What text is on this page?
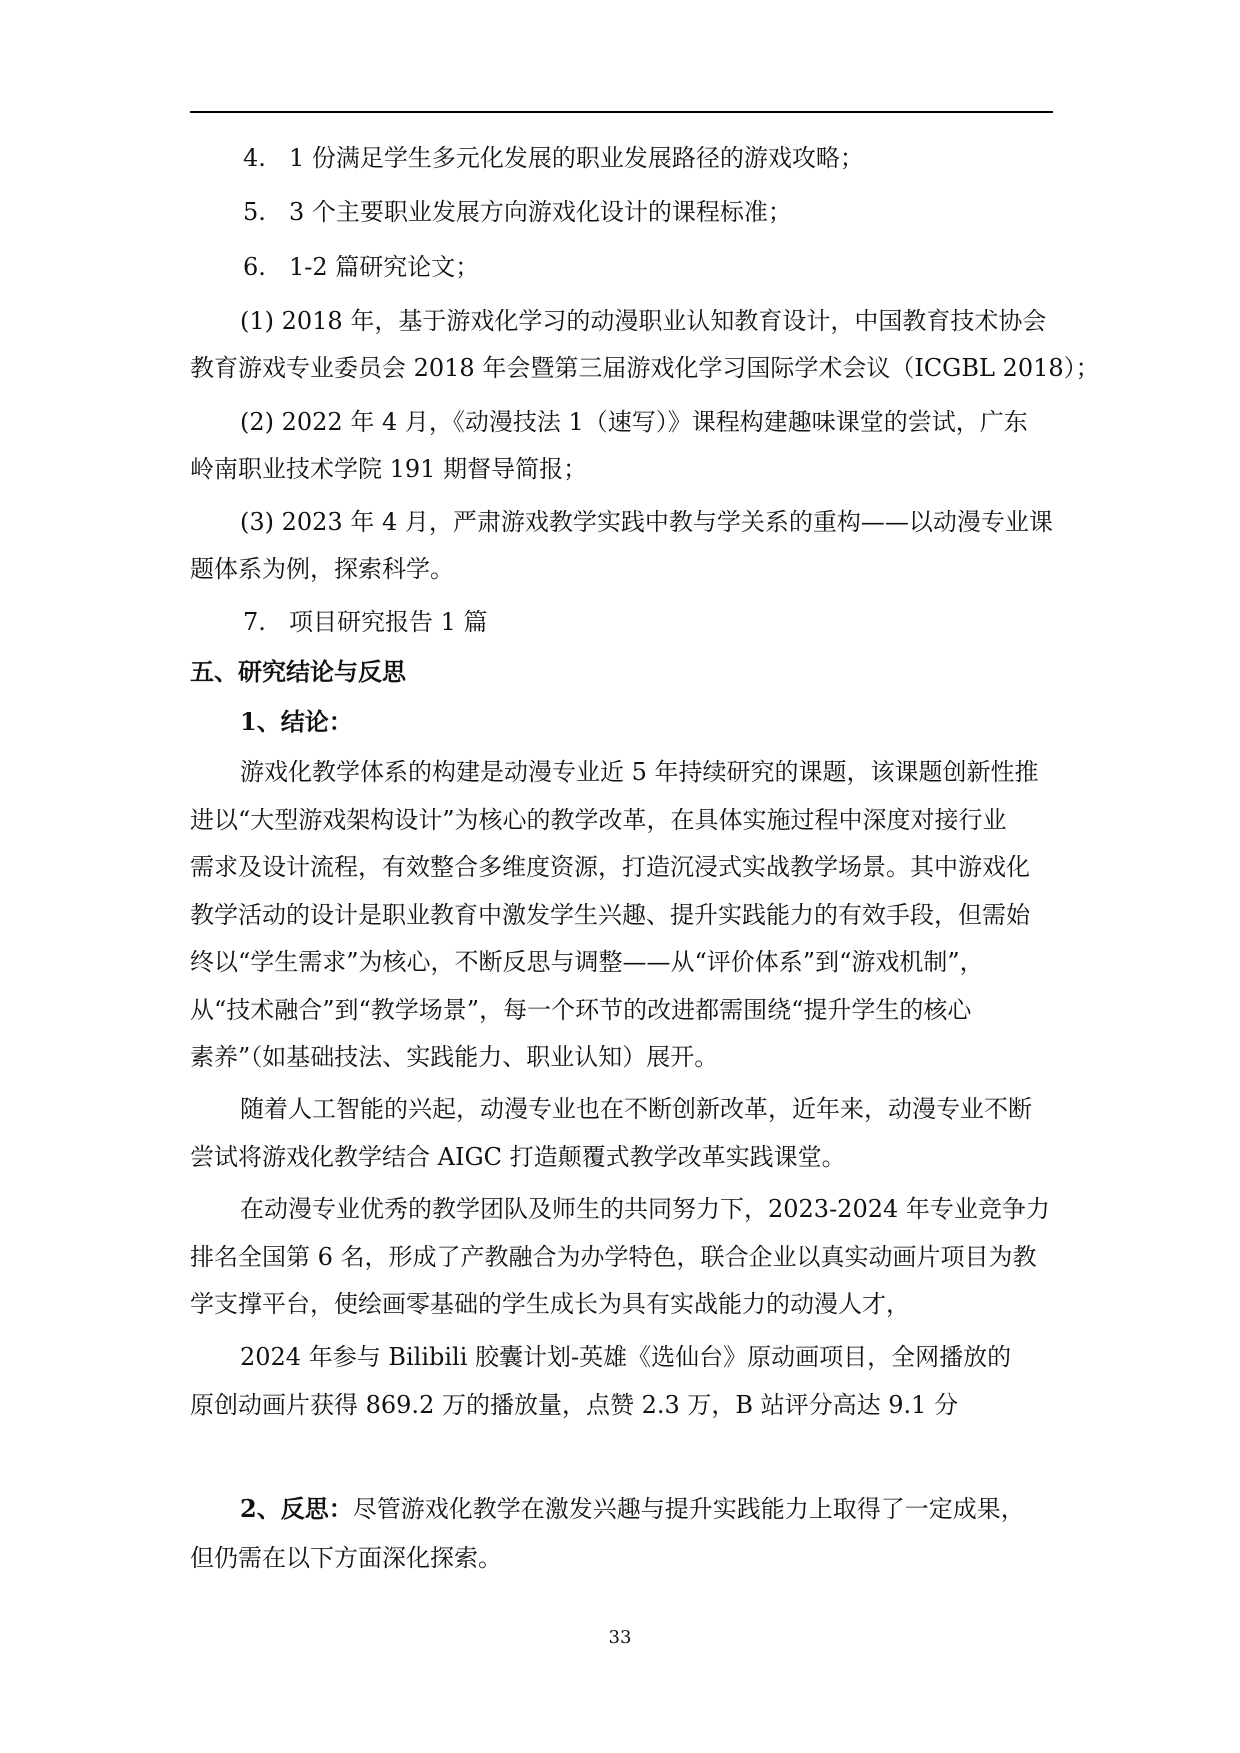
4. 1 份满足学生多元化发展的职业发展路径的游戏攻略；
5. 3 个主要职业发展方向游戏化设计的课程标准；
6. 1-2 篇研究论文；
(1) 2018 年，基于游戏化学习的动漫职业认知教育设计，中国教育技术协会
教育游戏专业委员会 2018 年会暨第三届游戏化学习国际学术会议（ICGBL 2018）；
(2) 2022 年 4 月，《动漫技法 1（速写）》课程构建趣味课堂的尝试，广东
岭南职业技术学院 191 期督导简报；
(3) 2023 年 4 月，严肃游戏教学实践中教与学关系的重构——以动漫专业课
题体系为例，探索科学。
7. 项目研究报告 1 篇
五、研究结论与反思
1、结论：
游戏化教学体系的构建是动漫专业近 5 年持续研究的课题，该课题创新性推
进以“大型游戏架构设计”为核心的教学改革，在具体实施过程中深度对接行业
需求及设计流程，有效整合多维度资源，打造沉浸式实战教学场景。其中游戏化
教学活动的设计是职业教育中激发学生兴趣、提升实践能力的有效手段，但需始
终以“学生需求”为核心，不断反思与调整——从“评价体系”到“游戏机制”，
从“技术融合”到“教学场景”，每一个环节的改进都需围绕“提升学生的核心
素养”（如基础技法、实践能力、职业认知）展开。
随着人工智能的兴起，动漫专业也在不断创新改革，近年来，动漫专业不断
尝试将游戏化教学结合 AIGC 打造颠覆式教学改革实践课堂。
在动漫专业优秀的教学团队及师生的共同努力下，2023-2024 年专业竞争力
排名全国第 6 名，形成了产教融合为办学特色，联合企业以真实动画片项目为教
学支撑平台，使绘画零基础的学生成长为具有实战能力的动漫人才，
2024 年参与 Bilibili 胶囊计划-英雄《选仙台》原动画项目，全网播放的
原创动画片获得 869.2 万的播放量，点赞 2.3 万，B 站评分高达 9.1 分
2、反思：尽管游戏化教学在激发兴趣与提升实践能力上取得了一定成果，
但仍需在以下方面深化探索。
33
